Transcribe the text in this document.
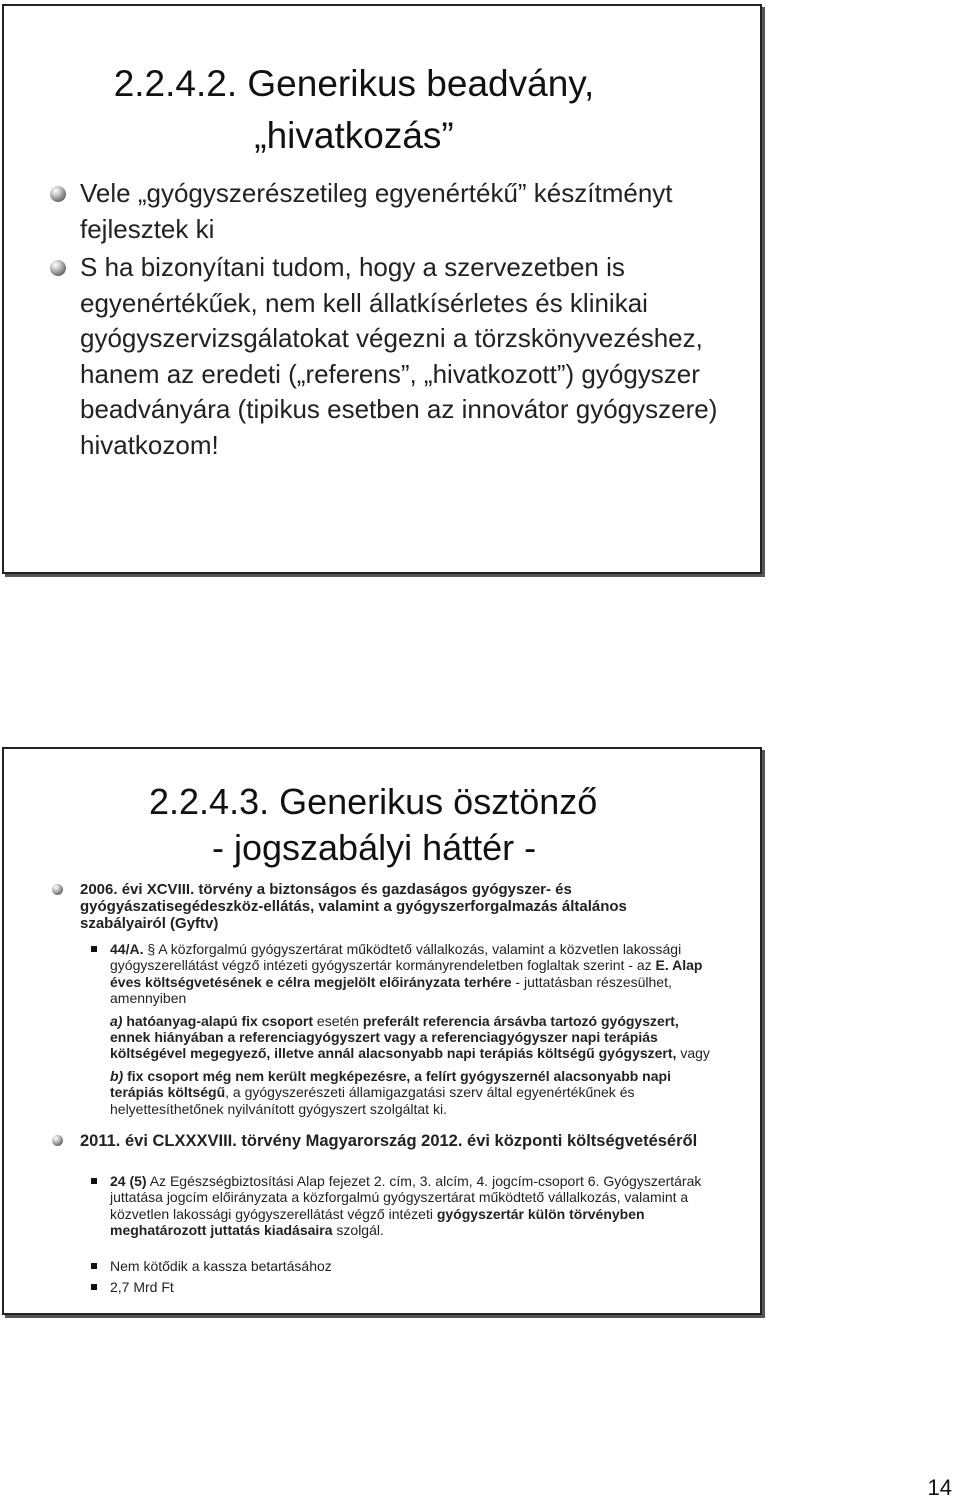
2.2.4.2. Generikus beadvány,
„hivatkozás”
Vele „gyógyszerészetileg egyenértékű” készítményt fejlesztek ki
S ha bizonyítani tudom, hogy a szervezetben is egyenértékűek, nem kell állatkísérletes és klinikai gyógyszervizsgálatokat végezni a törzskönyvezéshez, hanem az eredeti („referens”, „hivatkozott”) gyógyszer beadványára (tipikus esetben az innovátor gyógyszere) hivatkozom!
2.2.4.3. Generikus ösztönző
- jogszabályi háttér -
2006. évi XCVIII. törvény a biztonságos és gazdaságos gyógyszer- és gyógyászatisegédeszköz-ellátás, valamint a gyógyszerforgalmazás általános szabályairól (Gyftv)
44/A. § A közforgalmú gyógyszertárat működtető vállalkozás, valamint a közvetlen lakossági gyógyszerellátást végző intézeti gyógyszertár kormányrendeletben foglaltak szerint - az E. Alap éves költségvetésének e célra megjelölt előirányzata terhére - juttatásban részesülhet, amennyiben
a) hatóanyag-alapú fix csoport esetén preferált referencia ársávba tartozó gyógyszert, ennek hiányában a referenciagyógyszert vagy a referenciagyógyszer napi terápiás költségével megegyező, illetve annál alacsonyabb napi terápiás költségű gyógyszert, vagy
b) fix csoport még nem került megképezésre, a felírt gyógyszernél alacsonyabb napi terápiás költségű, a gyógyszerészeti államigazgatási szerv által egyenértékűnek és helyettesíthetőnek nyilvánított gyógyszert szolgáltat ki.
2011. évi CLXXXVIII. törvény Magyarország 2012. évi központi költségvetéséről
24 (5) Az Egészségbiztosítási Alap fejezet 2. cím, 3. alcím, 4. jogcím-csoport 6. Gyógyszertárak juttatása jogcím előirányzata a közforgalmú gyógyszertárat működtető vállalkozás, valamint a közvetlen lakossági gyógyszerellátást végző intézeti gyógyszertár külön törvényben meghatározott juttatás kiadásaira szolgál.
Nem kötődik a kassza betartásához
2,7 Mrd Ft
14
